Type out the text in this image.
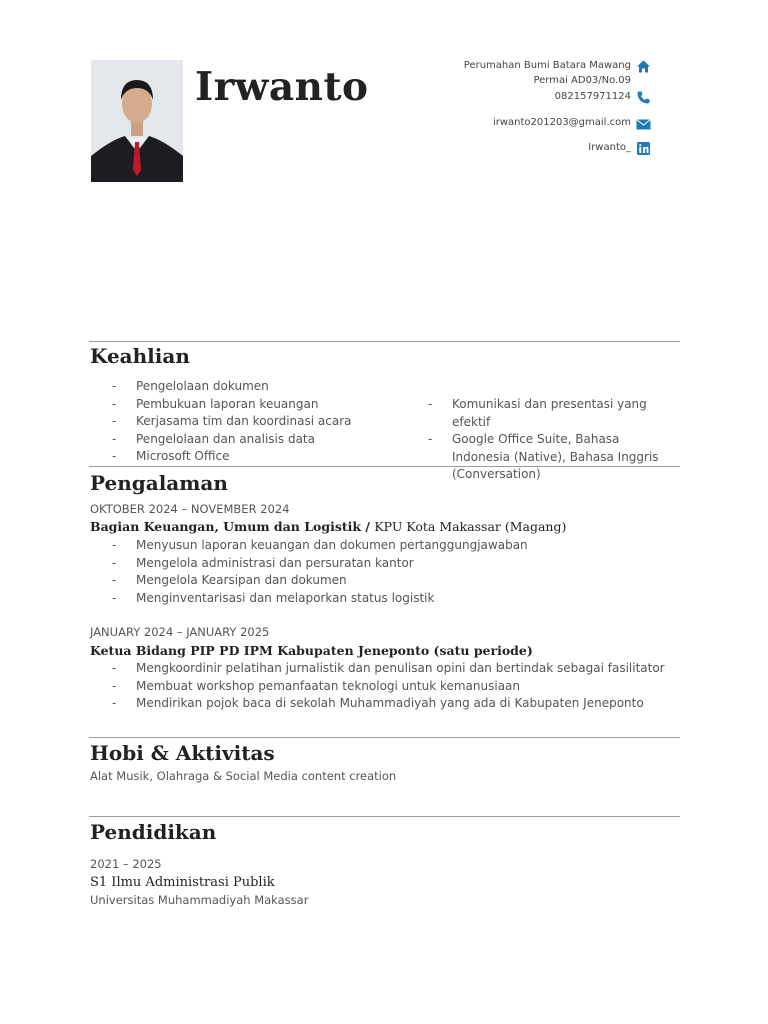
Irwanto	Perumahan Bumi Batara Mawang
Permai AD03/No.09
082157971124
irwanto201203@gmail.com
Irwanto_
Keahlian
- Pengelolaan dokumen
- Pembukuan laporan keuangan
- Kerjasama tim dan koordinasi acara
- Pengelolaan dan analisis data
- Microsoft Office
- Komunikasi dan presentasi yang efektif
- Google Office Suite, Bahasa Indonesia (Native), Bahasa Inggris (Conversation)
Pengalaman
OKTOBER 2024 – NOVEMBER 2024
Bagian Keuangan, Umum dan Logistik / KPU Kota Makassar (Magang)
- Menyusun laporan keuangan dan dokumen pertanggungjawaban
- Mengelola administrasi dan persuratan kantor
- Mengelola Kearsipan dan dokumen
- Menginventarisasi dan melaporkan status logistik
JANUARY 2024 – JANUARY 2025
Ketua Bidang PIP PD IPM Kabupaten Jeneponto (satu periode)
- Mengkoordinir pelatihan jurnalistik dan penulisan opini dan bertindak sebagai fasilitator
- Membuat workshop pemanfaatan teknologi untuk kemanusiaan
- Mendirikan pojok baca di sekolah Muhammadiyah yang ada di Kabupaten Jeneponto
Hobi & Aktivitas
Alat Musik, Olahraga & Social Media content creation
Pendidikan
2021 – 2025
S1 Ilmu Administrasi Publik
Universitas Muhammadiyah Makassar
